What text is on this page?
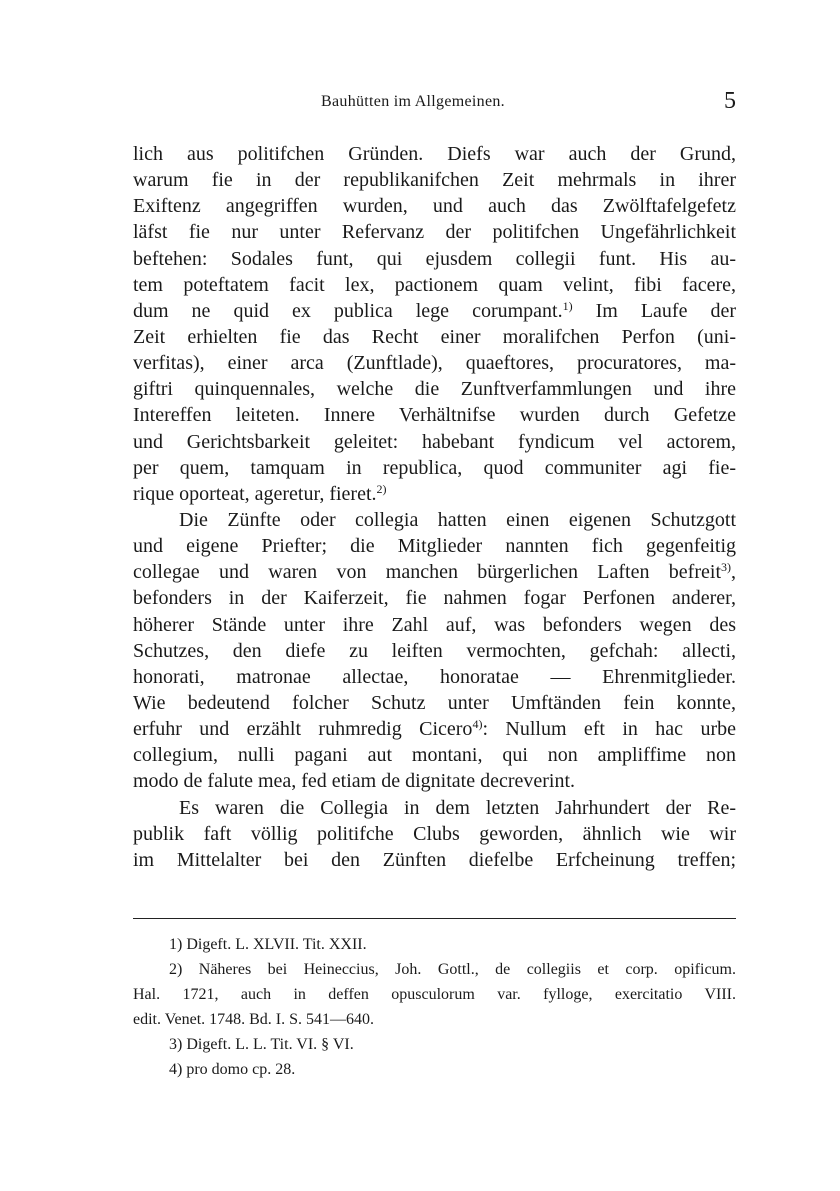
Bauhütten im Allgemeinen.	5
lich aus politifchen Gründen. Diefs war auch der Grund,
warum fie in der republikanifchen Zeit mehrmals in ihrer
Exiftenz angegriffen wurden, und auch das Zwölftafelgefetz
läfst fie nur unter Refervanz der politifchen Ungefährlichkeit
beftehen: Sodales funt, qui ejusdem collegii funt. His au-
tem poteftatem facit lex, pactionem quam velint, fibi facere,
dum ne quid ex publica lege corumpant.$^{1)}$ Im Laufe der
Zeit erhielten fie das Recht einer moralifchen Perfon (uni-
verfitas), einer arca (Zunftlade), quaeftores, procuratores, ma-
giftri quinquennales, welche die Zunftverfammlungen und ihre
Intereffen leiteten. Innere Verhältnifse wurden durch Gefetze
und Gerichtsbarkeit geleitet: habebant fyndicum vel actorem,
per quem, tamquam in republica, quod communiter agi fie-
rique oporteat, ageretur, fieret.$^{2)}$
Die Zünfte oder collegia hatten einen eigenen Schutzgott
und eigene Priefter; die Mitglieder nannten fich gegenfeitig
collegae und waren von manchen bürgerlichen Laften befreit$^{3)}$,
befonders in der Kaiferzeit, fie nahmen fogar Perfonen anderer,
höherer Stände unter ihre Zahl auf, was befonders wegen des
Schutzes, den diefe zu leiften vermochten, gefchah: allecti,
honorati, matronae allectae, honoratae — Ehrenmitglieder.
Wie bedeutend folcher Schutz unter Umftänden fein konnte,
erfuhr und erzählt ruhmredig Cicero$^{4)}$: Nullum eft in hac urbe
collegium, nulli pagani aut montani, qui non ampliffime non
modo de falute mea, fed etiam de dignitate decreverint.
Es waren die Collegia in dem letzten Jahrhundert der Re-
publik faft völlig politifche Clubs geworden, ähnlich wie wir
im Mittelalter bei den Zünften diefelbe Erfcheinung treffen;
1) Digeft. L. XLVII. Tit. XXII.
2) Näheres bei Heineccius, Joh. Gottl., de collegiis et corp. opificum.
Hal. 1721, auch in deffen opusculorum var. fylloge, exercitatio VIII.
edit. Venet. 1748. Bd. I. S. 541—640.
3) Digeft. L. L. Tit. VI. § VI.
4) pro domo cp. 28.
